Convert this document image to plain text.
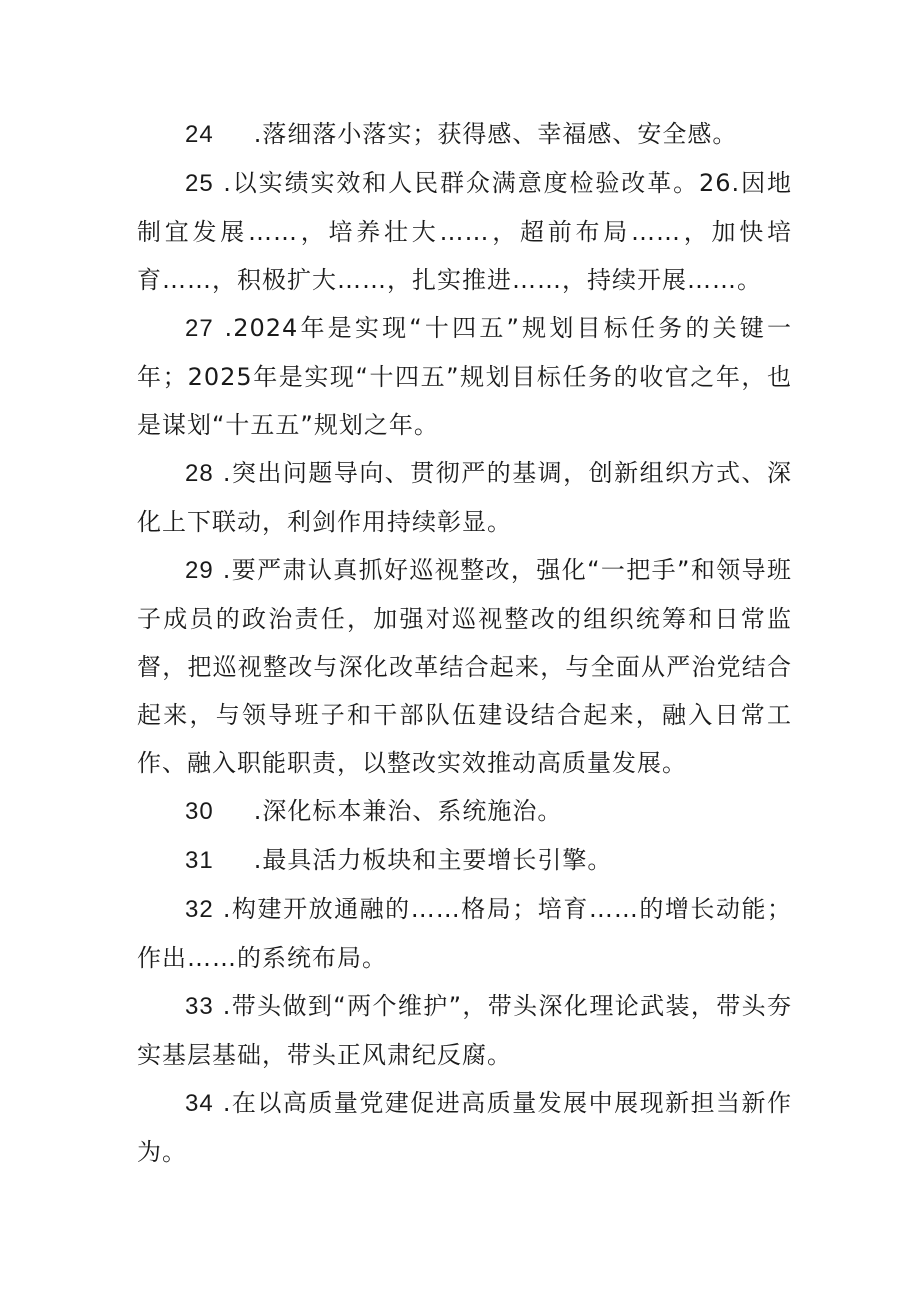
24 .落细落小落实；获得感、幸福感、安全感。

25 .以实绩实效和人民群众满意度检验改革。26.因地制宜发展……，培养壮大……，超前布局……，加快培育……，积极扩大……，扎实推进……，持续开展……。

27 .2024年是实现“十四五”规划目标任务的关键一年；2025年是实现“十四五”规划目标任务的收官之年，也是谋划“十五五”规划之年。

28 .突出问题导向、贯彻严的基调，创新组织方式、深化上下联动，利剑作用持续彰显。

29 .要严肃认真抓好巡视整改，强化“一把手”和领导班子成员的政治责任，加强对巡视整改的组织统筹和日常监督，把巡视整改与深化改革结合起来，与全面从严治党结合起来，与领导班子和干部队伍建设结合起来，融入日常工作、融入职能职责，以整改实效推动高质量发展。

30 .深化标本兼治、系统施治。

31 .最具活力板块和主要增长引擎。

32 .构建开放通融的……格局；培育……的增长动能；作出……的系统布局。

33 .带头做到“两个维护”，带头深化理论武装，带头夯实基层基础，带头正风肃纪反腐。

34 .在以高质量党建促进高质量发展中展现新担当新作为。
